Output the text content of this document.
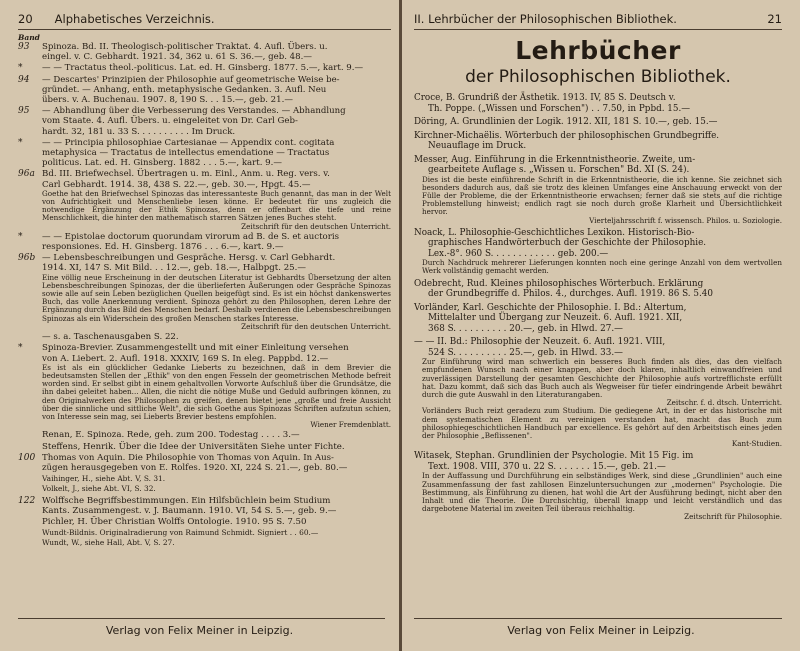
20 Alphabetisches Verzeichnis.
Band
93	Spinoza. Bd. II. Theologisch-politischer Traktat. 4. Aufl. Übers. u.
eingel. v. C. Gebhardt. 1921. 34, 362 u. 61 S. 36.—, geb. 48.—
*	— — Tractatus theol.-politicus. Lat. ed. H. Ginsberg. 1877. 5.—, kart. 9.—
94	— Descartes' Prinzipien der Philosophie auf geometrische Weise be-
gründet. — Anhang, enth. metaphysische Gedanken. 3. Aufl. Neu
übers. v. A. Buchenau. 1907. 8, 190 S. . . 15.—, geb. 21.—
95	— Abhandlung über die Verbesserung des Verstandes. — Abhandlung
vom Staate. 4. Aufl. Übers. u. eingeleitet von Dr. Carl Geb-
hardt. 32, 181 u. 33 S. . . . . . . . . . Im Druck.
*	— — Principia philosophiae Cartesianae — Appendix cont. cogitata
metaphysica — Tractatus de intellectus emendatione — Tractatus
politicus. Lat. ed. H. Ginsberg. 1882 . . . 5.—, kart. 9.—
96a Bd. III. Briefwechsel. Übertragen u. m. Einl., Anm. u. Reg. vers. v.
Carl Gebhardt. 1914. 38, 438 S. 22.—, geb. 30.—, Hpgt. 45.—
Goethe hat den Briefwechsel Spinozas das interessanteste Buch genannt, das man in der Welt von Aufrichtigkeit und Menschenliebe lesen könne. Er bedeutet für uns zugleich die notwendige Ergänzung der Ethik Spinozas, denn er offenbart die tiefe und reine Menschlichkeit, die hinter den mathematisch starren Sätzen jenes Buches steht.
Zeitschrift für den deutschen Unterricht.
*	— — Epistolae doctorum quorundam virorum ad B. de S. et auctoris
responsiones. Ed. H. Ginsberg. 1876 . . . 6.—, kart. 9.—
96b — Lebensbeschreibungen und Gespräche. Hersg. v. Carl Gebhardt.
1914. XI, 147 S. Mit Bild. . . 12.—, geb. 18.—, Halbpgt. 25.—
Eine völlig neue Erscheinung in der deutschen Literatur ist Gebhardts Übersetzung der alten Lebensbeschreibungen Spinozas, der die überlieferten Äußerungen oder Gespräche Spinozas sowie alle auf sein Leben bezüglichen Quellen beigefügt sind. Es ist ein höchst dankenswertes Buch, das volle Anerkennung verdient. Spinoza gehört zu den Philosophen, deren Lehre der Ergänzung durch das Bild des Menschen bedarf. Deshalb verdienen die Lebensbeschreibungen Spinozas als ein Widerschein des großen Menschen starkes Interesse.
Zeitschrift für den deutschen Unterricht.
— s. a. Taschenausgaben S. 22.
*	Spinoza-Brevier. Zusammengestellt und mit einer Einleitung versehen
von A. Liebert. 2. Aufl. 1918. XXXIV, 169 S. In eleg. Pappbd. 12.—
Es ist als ein glücklicher Gedanke Lieberts zu bezeichnen, daß in dem Brevier die bedeutsamsten Stellen der „Ethik" von den engen Fesseln der geometrischen Methode befreit worden sind. Er selbst gibt in einem gehaltvollen Vorworte Aufschluß über die Grundsätze, die ihn dabei geleitet haben... Allen, die nicht die nötige Muße und Geduld aufbringen können, zu den Originalwerken des Philosophen zu greifen, denen bietet jene „große und freie Aussicht über die sinnliche und sittliche Welt", die sich Goethe aus Spinozas Schriften aufzutun schien, von Interesse sein mag, sei Lieberts Brevier bestens empfohlen.
Wiener Fremdenblatt.
Renan, E. Spinoza. Rede, geh. zum 200. Todestag . . . . 3.—
Steffens, Henrik. Über die Idee der Universitäten Siehe unter Fichte.
100 Thomas von Aquin. Die Philosophie von Thomas von Aquin. In Aus-
zügen herausgegeben von E. Rolfes. 1920. XI, 224 S. 21.—, geb. 80.—
Vaihinger, H., siehe Abt. V, S. 31.
Volkelt, J., siehe Abt. VI, S. 32.
122 Wolffsche Begriffsbestimmungen. Ein Hilfsbüchlein beim Studium
Kants. Zusammengest. v. J. Baumann. 1910. VI, 54 S. 5.—, geb. 9.—
Pichler, H. Über Christian Wolffs Ontologie. 1910. 95 S. 7.50
Wundt-Bildnis. Originalradierung von Raimund Schmidt. Signiert . . 60.—
Wundt, W., siehe Hall, Abt. V, S. 27.
Verlag von Felix Meiner in Leipzig.
II. Lehrbücher der Philosophischen Bibliothek.	21
Lehrbücher
der Philosophischen Bibliothek.
Croce, B. Grundriß der Ästhetik. 1913. IV, 85 S. Deutsch v.
Th. Poppe. („Wissen und Forschen") . . 7.50, in Ppbd. 15.—
Döring, A. Grundlinien der Logik. 1912. XII, 181 S. 10.—, geb. 15.—
Kirchner-Michaëlis. Wörterbuch der philosophischen Grundbegriffe.
Neuauflage im Druck.
Messer, Aug. Einführung in die Erkenntnistheorie. Zweite, um-
gearbeitete Auflage s. „Wissen u. Forschen" Bd. XI (S. 24).
Dies ist die beste einführende Schrift in die Erkenntnistheorie, die ich kenne. Sie zeichnet sich besonders dadurch aus, daß sie trotz des kleinen Umfanges eine Anschauung erweckt von der Fülle der Probleme, die der Erkenntnistheorie erwachsen; ferner daß sie stets auf die richtige Problemstellung hinweist; endlich ragt sie noch durch große Klarheit und Übersichtlichkeit hervor.
Vierteljahrsschrift f. wissensch. Philos. u. Soziologie.
Noack, L. Philosophie-Geschichtliches Lexikon. Historisch-Bio-
graphisches Handwörterbuch der Geschichte der Philosophie.
Lex.-8°. 960 S. . . . . . . . . . . . geb. 200.—
Durch Nachdruck mehrerer Lieferungen konnten noch eine geringe Anzahl von dem wertvollen Werk vollständig gemacht werden.
Odebrecht, Rud. Kleines philosophisches Wörterbuch. Erklärung
der Grundbegriffe d. Philos. 4., durchges. Aufl. 1919. 86 S. 5.40
Vorländer, Karl. Geschichte der Philosophie. I. Bd.: Altertum,
Mittelalter und Übergang zur Neuzeit. 6. Aufl. 1921. XII,
368 S. . . . . . . . . . 20.—, geb. in Hlwd. 27.—
— — II. Bd.: Philosophie der Neuzeit. 6. Aufl. 1921. VIII,
524 S. . . . . . . . . . 25.—, geb. in Hlwd. 33.—
Zur Einführung wird man schwerlich ein besseres Buch finden als dies, das den vielfach empfundenen Wunsch nach einer knappen, aber doch klaren, inhaltlich einwandfreien und zuverlässigen Darstellung der gesamten Geschichte der Philosophie aufs vortrefflichste erfüllt hat. Dazu kommt, daß sich das Buch auch als Wegweiser für tiefer eindringende Arbeit bewährt durch die gute Auswahl in den Literaturangaben.
Zeitschr. f. d. dtsch. Unterricht.
Vorländers Buch reizt geradezu zum Studium. Die gediegene Art, in der er das historische mit dem systematischen Element zu vereinigen verstanden hat, macht das Buch zum philosophiegeschichtlichen Handbuch par excellence. Es gehört auf den Arbeitstisch eines jeden der Philosophie „Beflissenen".
Kant-Studien.
Witasek, Stephan. Grundlinien der Psychologie. Mit 15 Fig. im
Text. 1908. VIII, 370 u. 22 S. . . . . . . 15.—, geb. 21.—
In der Auffassung und Durchführung ein selbständiges Werk, sind diese „Grundlinien" auch eine Zusammenfassung der fast zahllosen Einzeluntersuchungen zur „modernen" Psychologie. Die Bestimmung, als Einführung zu dienen, hat wohl die Art der Ausführung bedingt, nicht aber den Inhalt und die Theorie. Die Durchsichtig, überall knapp und leicht verständlich und das dargebotene Material im zweiten Teil überaus reichhaltig.
Zeitschrift für Philosophie.
Verlag von Felix Meiner in Leipzig.
